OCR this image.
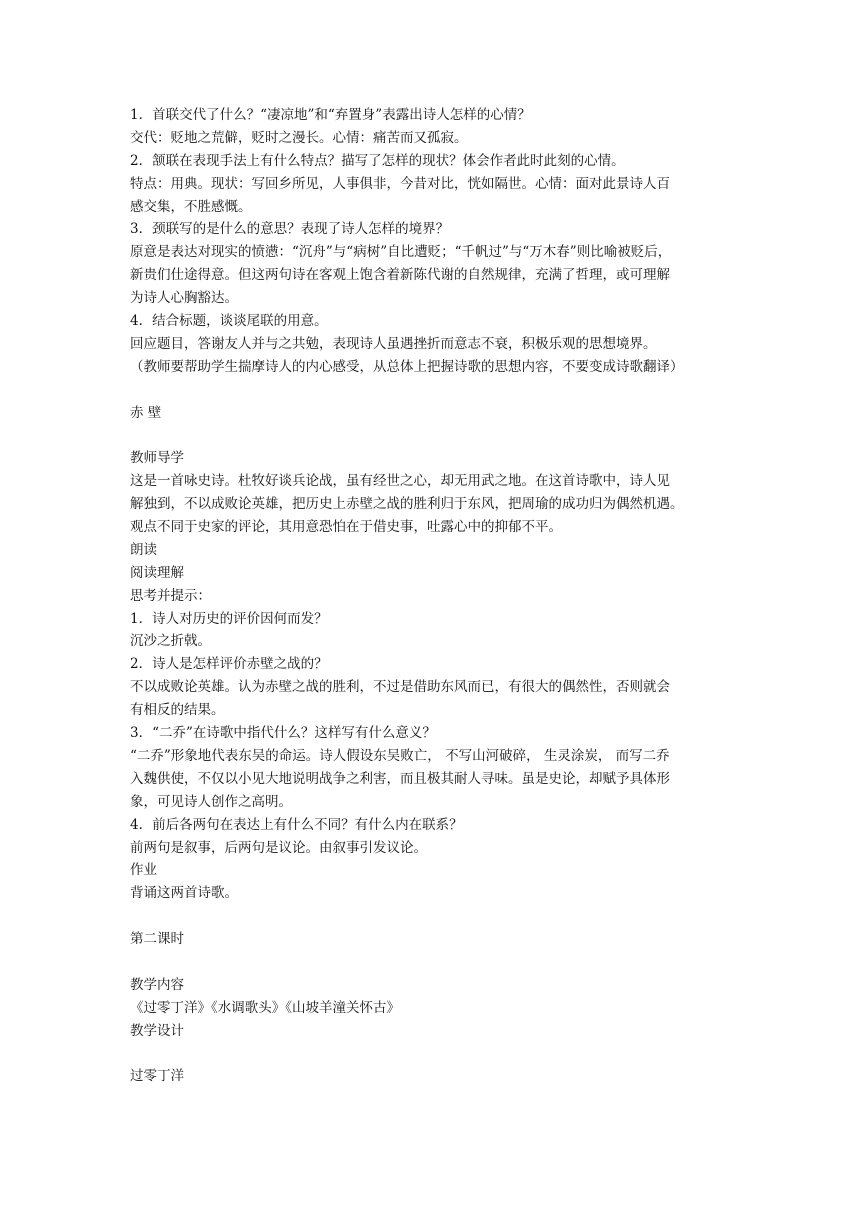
1．首联交代了什么？“凄凉地”和“弃置身”表露出诗人怎样的心情？
交代：贬地之荒僻，贬时之漫长。心情：痛苦而又孤寂。
2．颔联在表现手法上有什么特点？描写了怎样的现状？体会作者此时此刻的心情。
特点：用典。现状：写回乡所见，人事俱非，今昔对比，恍如隔世。心情：面对此景诗人百
感交集，不胜感慨。
3．颈联写的是什么的意思？表现了诗人怎样的境界？
原意是表达对现实的愤懑：“沉舟”与“病树”自比遭贬；“千帆过”与“万木春”则比喻被贬后，
新贵们仕途得意。但这两句诗在客观上饱含着新陈代谢的自然规律，充满了哲理，或可理解
为诗人心胸豁达。
4．结合标题，谈谈尾联的用意。
回应题目，答谢友人并与之共勉，表现诗人虽遇挫折而意志不衰，积极乐观的思想境界。
（教师要帮助学生揣摩诗人的内心感受，从总体上把握诗歌的思想内容，不要变成诗歌翻译）
赤 壁
教师导学
这是一首咏史诗。杜牧好谈兵论战，虽有经世之心，却无用武之地。在这首诗歌中，诗人见
解独到，不以成败论英雄，把历史上赤壁之战的胜利归于东风，把周瑜的成功归为偶然机遇。
观点不同于史家的评论，其用意恐怕在于借史事，吐露心中的抑郁不平。
朗读
阅读理解
思考并提示：
1．诗人对历史的评价因何而发？
沉沙之折戟。
2．诗人是怎样评价赤壁之战的？
不以成败论英雄。认为赤壁之战的胜利，不过是借助东风而已，有很大的偶然性，否则就会
有相反的结果。
3．“二乔”在诗歌中指代什么？这样写有什么意义？
“二乔”形象地代表东吴的命运。诗人假设东吴败亡， 不写山河破碎， 生灵涂炭， 而写二乔
入魏供使，不仅以小见大地说明战争之利害，而且极其耐人寻味。虽是史论，却赋予具体形
象，可见诗人创作之高明。
4．前后各两句在表达上有什么不同？有什么内在联系？
前两句是叙事，后两句是议论。由叙事引发议论。
作业
背诵这两首诗歌。
第二课时
教学内容
《过零丁洋》《水调歌头》《山坡羊潼关怀古》
教学设计
过零丁洋
